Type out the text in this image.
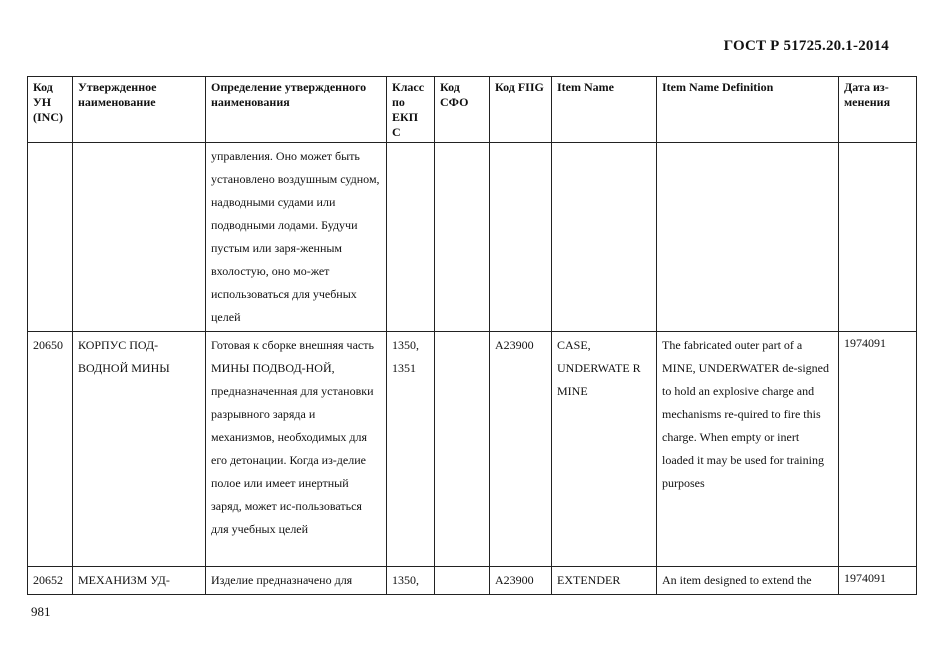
ГОСТ Р 51725.20.1-2014
Код УН (INC)	Утвержденное наименование	Определение утвержденного наименования	Класс по ЕКП С	Код СФО	Код FIIG	Item Name	Item Name Definition	Дата из-менения
		управления. Оно может быть установлено воздушным судном, надводными судами или подводными лодами. Будучи пустым или заря-женным вхолостую, оно мо-жет использоваться для учебных целей						
20650	КОРПУС ПОД-ВОДНОЙ МИНЫ	Готовая к сборке внешняя часть МИНЫ ПОДВОД-НОЙ, предназначенная для установки разрывного заряда и механизмов, необходимых для его детонации. Когда из-делие полое или имеет инертный заряд, может ис-пользоваться для учебных целей	1350, 1351		A23900	CASE, UNDERWATE R MINE	The fabricated outer part of a MINE, UNDERWATER de-signed to hold an explosive charge and mechanisms re-quired to fire this charge. When empty or inert loaded it may be used for training purposes	1974091
20652	МЕХАНИЗМ УД-	Изделие предназначено для	1350,		A23900	EXTENDER	An item designed to extend the	1974091
981
